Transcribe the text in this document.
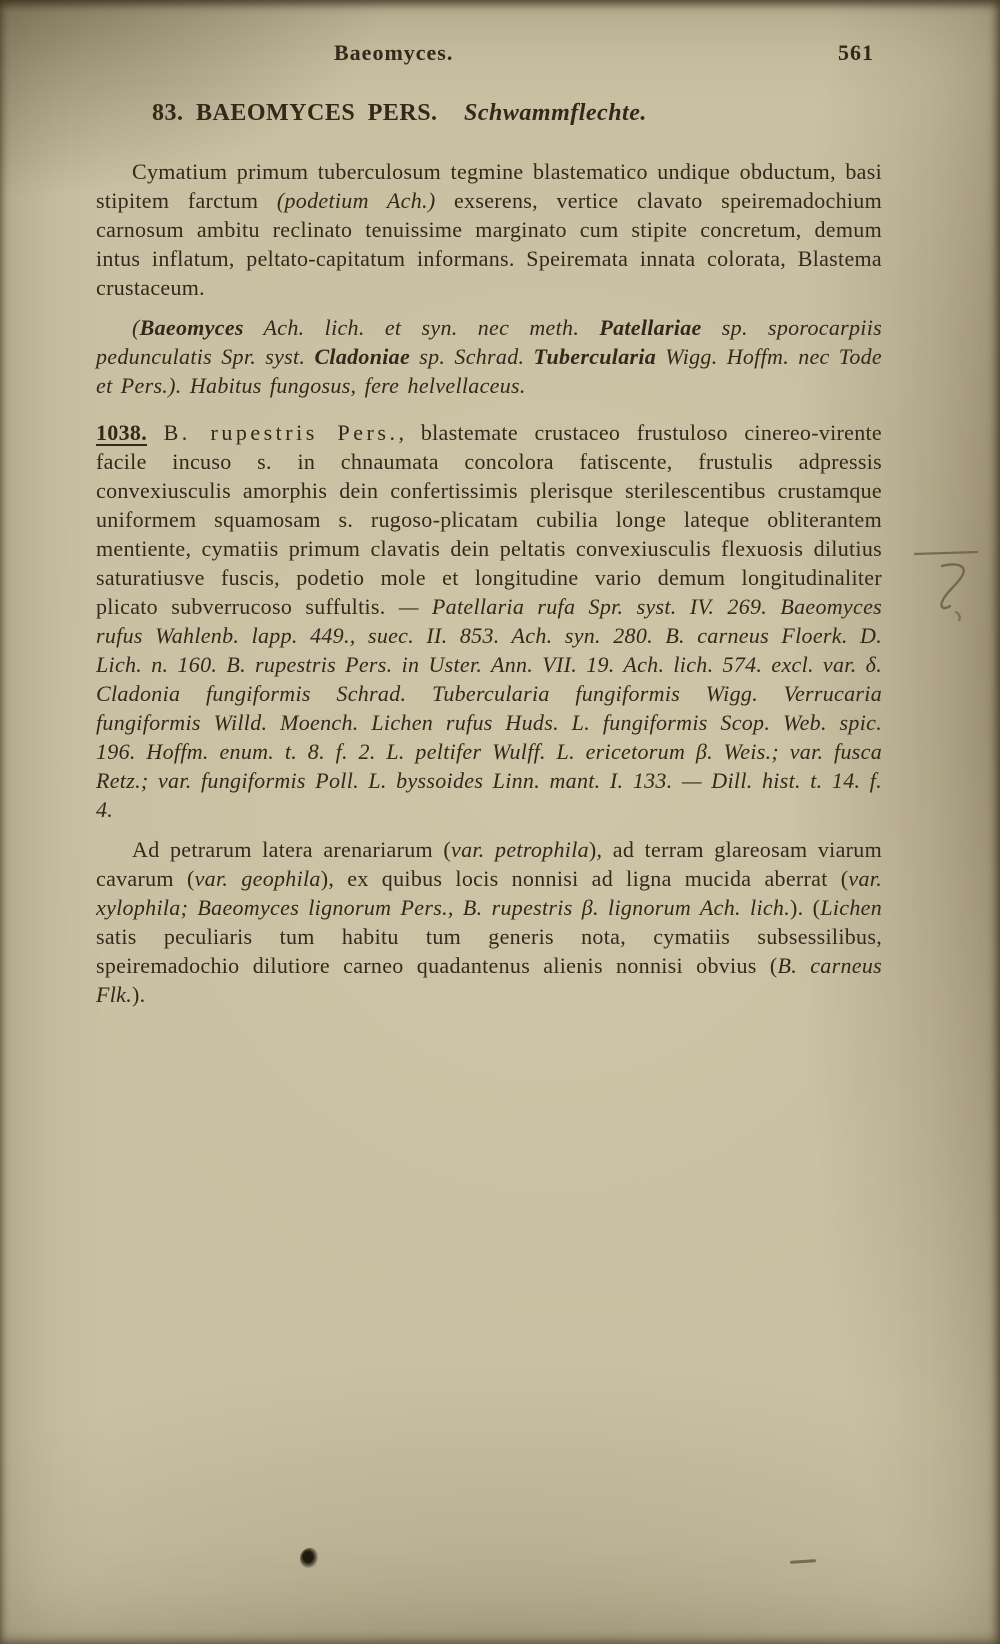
Baeomyces.	561
83. BAEOMYCES PERS. Schwammflechte.

Cymatium primum tuberculosum tegmine blastematico undique obductum, basi stipitem farctum (podetium Ach.) exserens, vertice clavato speiremadochium carnosum ambitu reclinato tenuissime marginato cum stipite concretum, demum intus inflatum, peltato-capitatum informans. Speiremata innata colorata, Blastema crustaceum.

(Baeomyces Ach. lich. et syn. nec meth. Patellariae sp. sporocarpiis pedunculatis Spr. syst. Cladoniae sp. Schrad. Tubercularia Wigg. Hoffm. nec Tode et Pers.). Habitus fungosus, fere helvellaceus.

1038. B. rupestris Pers., blastemate crustaceo frustuloso cinereo-virente facile incuso s. in chnaumata concolora fatiscente, frustulis adpressis convexiusculis amorphis dein confertissimis plerisque sterilescentibus crustamque uniformem squamosam s. rugoso-plicatam cubilia longe lateque obliterantem mentiente, cymatiis primum clavatis dein peltatis convexiusculis flexuosis dilutius saturatiusve fuscis, podetio mole et longitudine vario demum longitudinaliter plicato subverrucoso suffultis. — Patellaria rufa Spr. syst. IV. 269. Baeomyces rufus Wahlenb. lapp. 449., suec. II. 853. Ach. syn. 280. B. carneus Floerk. D. Lich. n. 160. B. rupestris Pers. in Uster. Ann. VII. 19. Ach. lich. 574. excl. var. δ. Cladonia fungiformis Schrad. Tubercularia fungiformis Wigg. Verrucaria fungiformis Willd. Moench. Lichen rufus Huds. L. fungiformis Scop. Web. spic. 196. Hoffm. enum. t. 8. f. 2. L. peltifer Wulff. L. ericetorum β. Weis.; var. fusca Retz.; var. fungiformis Poll. L. byssoides Linn. mant. I. 133. — Dill. hist. t. 14. f. 4.

Ad petrarum latera arenariarum (var. petrophila), ad terram glareosam viarum cavarum (var. geophila), ex quibus locis nonnisi ad ligna mucida aberrat (var. xylophila; Baeomyces lignorum Pers., B. rupestris β. lignorum Ach. lich.). (Lichen satis peculiaris tum habitu tum generis nota, cymatiis subsessilibus, speiremadochio dilutiore carneo quadantenus alienis nonnisi obvius (B. carneus Flk.).
